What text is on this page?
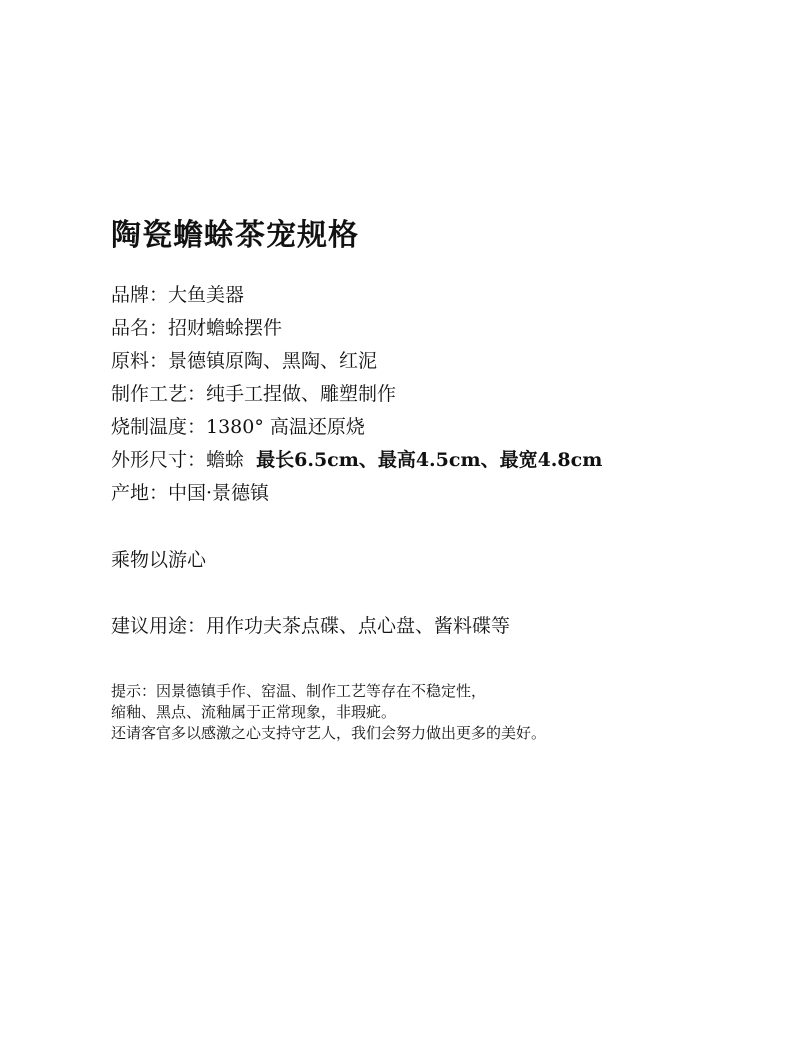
陶瓷蟾蜍茶宠规格
品牌：大鱼美器
品名：招财蟾蜍摆件
原料：景德镇原陶、黑陶、红泥
制作工艺：纯手工捏做、雕塑制作
烧制温度：1380° 高温还原烧
外形尺寸：蟾蜍 最长6.5cm、最高4.5cm、最宽4.8cm
产地：中国·景德镇
乘物以游心
建议用途：用作功夫茶点碟、点心盘、酱料碟等
提示：因景德镇手作、窑温、制作工艺等存在不稳定性，
缩釉、黑点、流釉属于正常现象，非瑕疵。
还请客官多以感激之心支持守艺人，我们会努力做出更多的美好。
